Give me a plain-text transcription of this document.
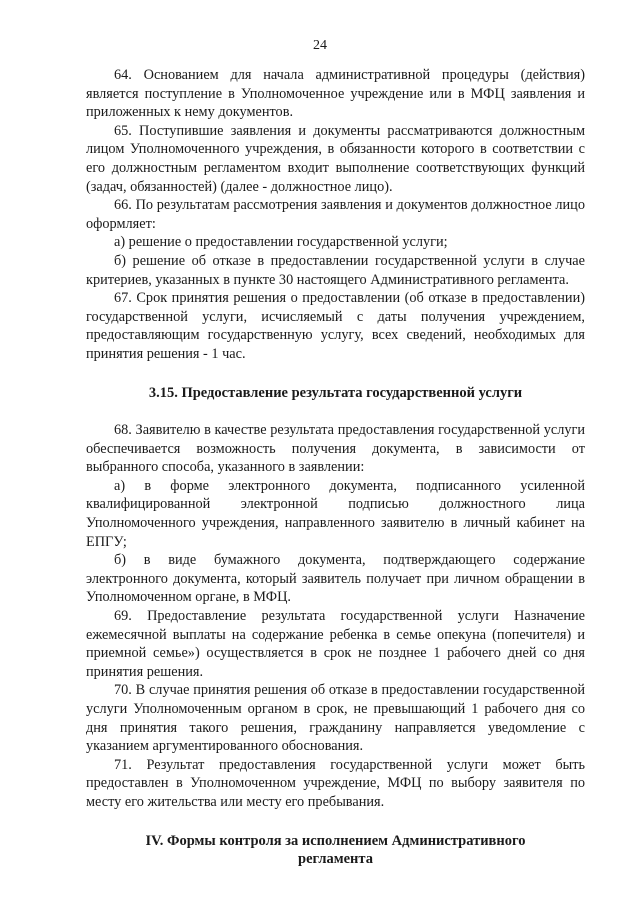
24

64. Основанием для начала административной процедуры (действия) является поступление в Уполномоченное учреждение или в МФЦ заявления и приложенных к нему документов.

65. Поступившие заявления и документы рассматриваются должностным лицом Уполномоченного учреждения, в обязанности которого в соответствии с его должностным регламентом входит выполнение соответствующих функций (задач, обязанностей) (далее - должностное лицо).

66. По результатам рассмотрения заявления и документов должностное лицо оформляет:

а) решение о предоставлении государственной услуги;

б) решение об отказе в предоставлении государственной услуги в случае критериев, указанных в пункте 30 настоящего Административного регламента.

67. Срок принятия решения о предоставлении (об отказе в предоставлении) государственной услуги, исчисляемый с даты получения учреждением, предоставляющим государственную услугу, всех сведений, необходимых для принятия решения - 1 час.

3.15. Предоставление результата государственной услуги

68. Заявителю в качестве результата предоставления государственной услуги обеспечивается возможность получения документа, в зависимости от выбранного способа, указанного в заявлении:

а) в форме электронного документа, подписанного усиленной квалифицированной электронной подписью должностного лица Уполномоченного учреждения, направленного заявителю в личный кабинет на ЕПГУ;

б) в виде бумажного документа, подтверждающего содержание электронного документа, который заявитель получает при личном обращении в Уполномоченном органе, в МФЦ.

69. Предоставление результата государственной услуги Назначение ежемесячной выплаты на содержание ребенка в семье опекуна (попечителя) и приемной семье») осуществляется в срок не позднее 1 рабочего дней со дня принятия решения.

70. В случае принятия решения об отказе в предоставлении государственной услуги Уполномоченным органом в срок, не превышающий 1 рабочего дня со дня принятия такого решения, гражданину направляется уведомление с указанием аргументированного обоснования.

71. Результат предоставления государственной услуги может быть предоставлен в Уполномоченном учреждение, МФЦ по выбору заявителя по месту его жительства или месту его пребывания.

IV. Формы контроля за исполнением Административного регламента
